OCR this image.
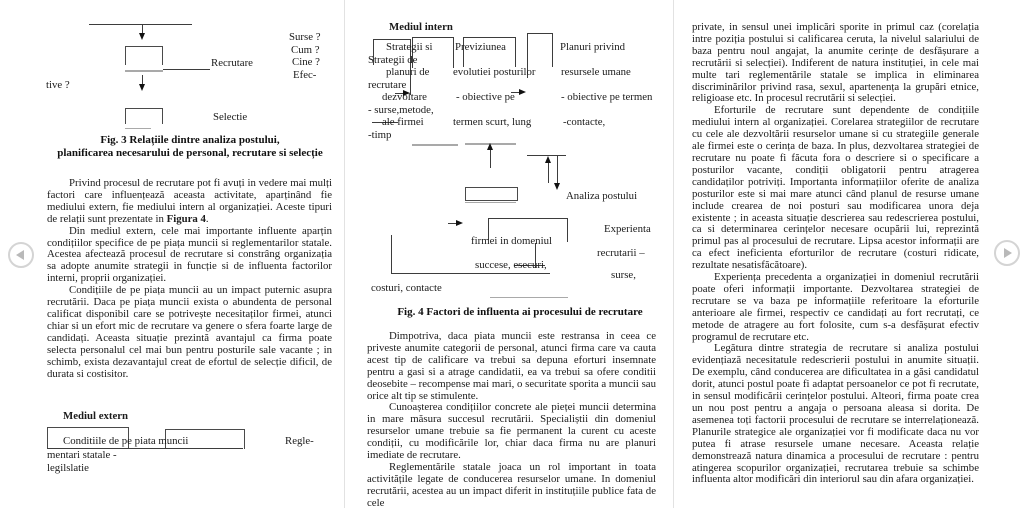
Recrutare
Surse ?
Cum ?
Cine ?
Efec-
tive ?
Selectie
Fig. 3 Relațiile dintre analiza postului,
planificarea necesarului de personal, recrutare si selecție

Privind procesul de recrutare pot fi avuți in vedere mai mulți factori care influențează aceasta activitate, aparținând fie mediului extern, fie mediului intern al organizației. Aceste tipuri de relații sunt prezentate in Figura 4.

Din mediul extern, cele mai importante influente aparțin condițiilor specifice de pe piața muncii si reglementarilor statale. Acestea afectează procesul de recrutare si constrâng organizația sa adopte anumite strategii in funcție si de influenta factorilor interni, proprii organizației.

Condițiile de pe piața muncii au un impact puternic asupra recrutării. Daca pe piața muncii exista o abundenta de personal calificat disponibil care se potrivește necesitaților firmei, atunci chiar si un efort mic de recrutare va genere o sfera foarte large de candidați. Aceasta situație prezintă avantajul ca firma poate selecta personalul cel mai bun pentru posturile sale vacante ; in schimb, exista dezavantajul creat de efortul de selecție dificil, de durata si costisitor.

Mediul extern
Conditiile de pe piata muncii	Regle-
mentari statale -
legilslatie
Mediul intern
Strategii si
Strategii de
planuri de
recrutare
dezvoltare
- surse,metode,
ale firmei
-timp
Previziunea
evolutiei posturilor
- obiective pe
termen scurt, lung
Planuri privind
resursele umane
- obiective pe termen
-contacte,
Analiza postului
firmei in domeniul
succese, esecuri,
Experienta
recrutarii –
surse,
costuri, contacte
Fig. 4 Factori de influenta ai procesului de recrutare

Dimpotriva, daca piata muncii este restransa in ceea ce priveste anumite categorii de personal, atunci firma care va cauta acest tip de calificare va trebui sa depuna eforturi insemnate pentru a gasi si a atrage candidatii, ea va trebui sa ofere conditii deosebite – recompense mai mari, o securitate sporita a muncii sau orice alt tip se stimulente.

Cunoașterea condițiilor concrete ale pieței muncii determina in mare măsura succesul recrutării. Specialiștii din domeniul resurselor umane trebuie sa fie permanent la curent cu aceste condiții, cu modificările lor, chiar daca firma nu are planuri imediate de recrutare.

Reglementările statale joaca un rol important in toata activitățile legate de conducerea resurselor umane. In domeniul recrutării, acestea au un impact diferit in instituțiile publice fata de cele

private, in sensul unei implicări sporite in primul caz (corelația intre poziția postului si calificarea ceruta, la nivelul salariului de baza pentru noul angajat, la anumite cerințe de desfășurare a recrutării si selecției). Indiferent de natura instituției, in cele mai multe tari reglementările statale se implica in eliminarea discriminărilor privind rasa, sexul, apartenența la grupări etnice, religioase etc. In procesul recrutării si selecției.

Eforturile de recrutare sunt dependente de condițiile mediului intern al organizației. Corelarea strategiilor de recrutare cu cele ale dezvoltării resurselor umane si cu strategiile generale ale firmei este o cerința de baza. In plus, dezvoltarea strategiei de recrutare nu poate fi făcuta fora o descriere si o specificare a posturilor vacante, condiții obligatorii pentru atragerea candidaților potriviți. Importanta informațiilor oferite de analiza posturilor este si mai mare atunci când planul de resurse umane include crearea de noi posturi sau modificarea unora deja existente ; in aceasta situație descrierea sau redescrierea postului, ca si determinarea cerințelor necesare ocupării lui, reprezintă primul pas al procesului de recrutare. Lipsa acestor informații are ca efect ineficienta eforturilor de recrutare (costuri ridicate, rezultate nesatisfăcătoare).

Experiența precedenta a organizației in domeniul recrutării poate oferi informații importante. Dezvoltarea strategiei de recrutare se va baza pe informațiile referitoare la eforturile anterioare ale firmei, respectiv ce candidați au fort recrutați, ce metode de atragere au fort folosite, cum s-a desfășurat efectiv programul de recrutare etc.

Legătura dintre strategia de recrutare si analiza postului evidențiază necesitatule redescrierii postului in anumite situații. De exemplu, când conducerea are dificultatea in a găsi candidatul dorit, atunci postul poate fi adaptat persoanelor ce pot fi recrutate, in sensul modificării cerințelor postului. Alteori, firma poate crea un nou post pentru a angaja o persoana aleasa si dorita. De asemenea toți factorii procesului de recrutare se interrelaționează. Planurile strategice ale organizației vor fi modificate daca nu vor putea fi atrase resursele umane necesare. Aceasta relație demonstrează natura dinamica a procesului de recrutare : pentru atingerea scopurilor organizației, recrutarea trebuie sa schimbe influenta altor modificări din interiorul sau din afara organizației.
